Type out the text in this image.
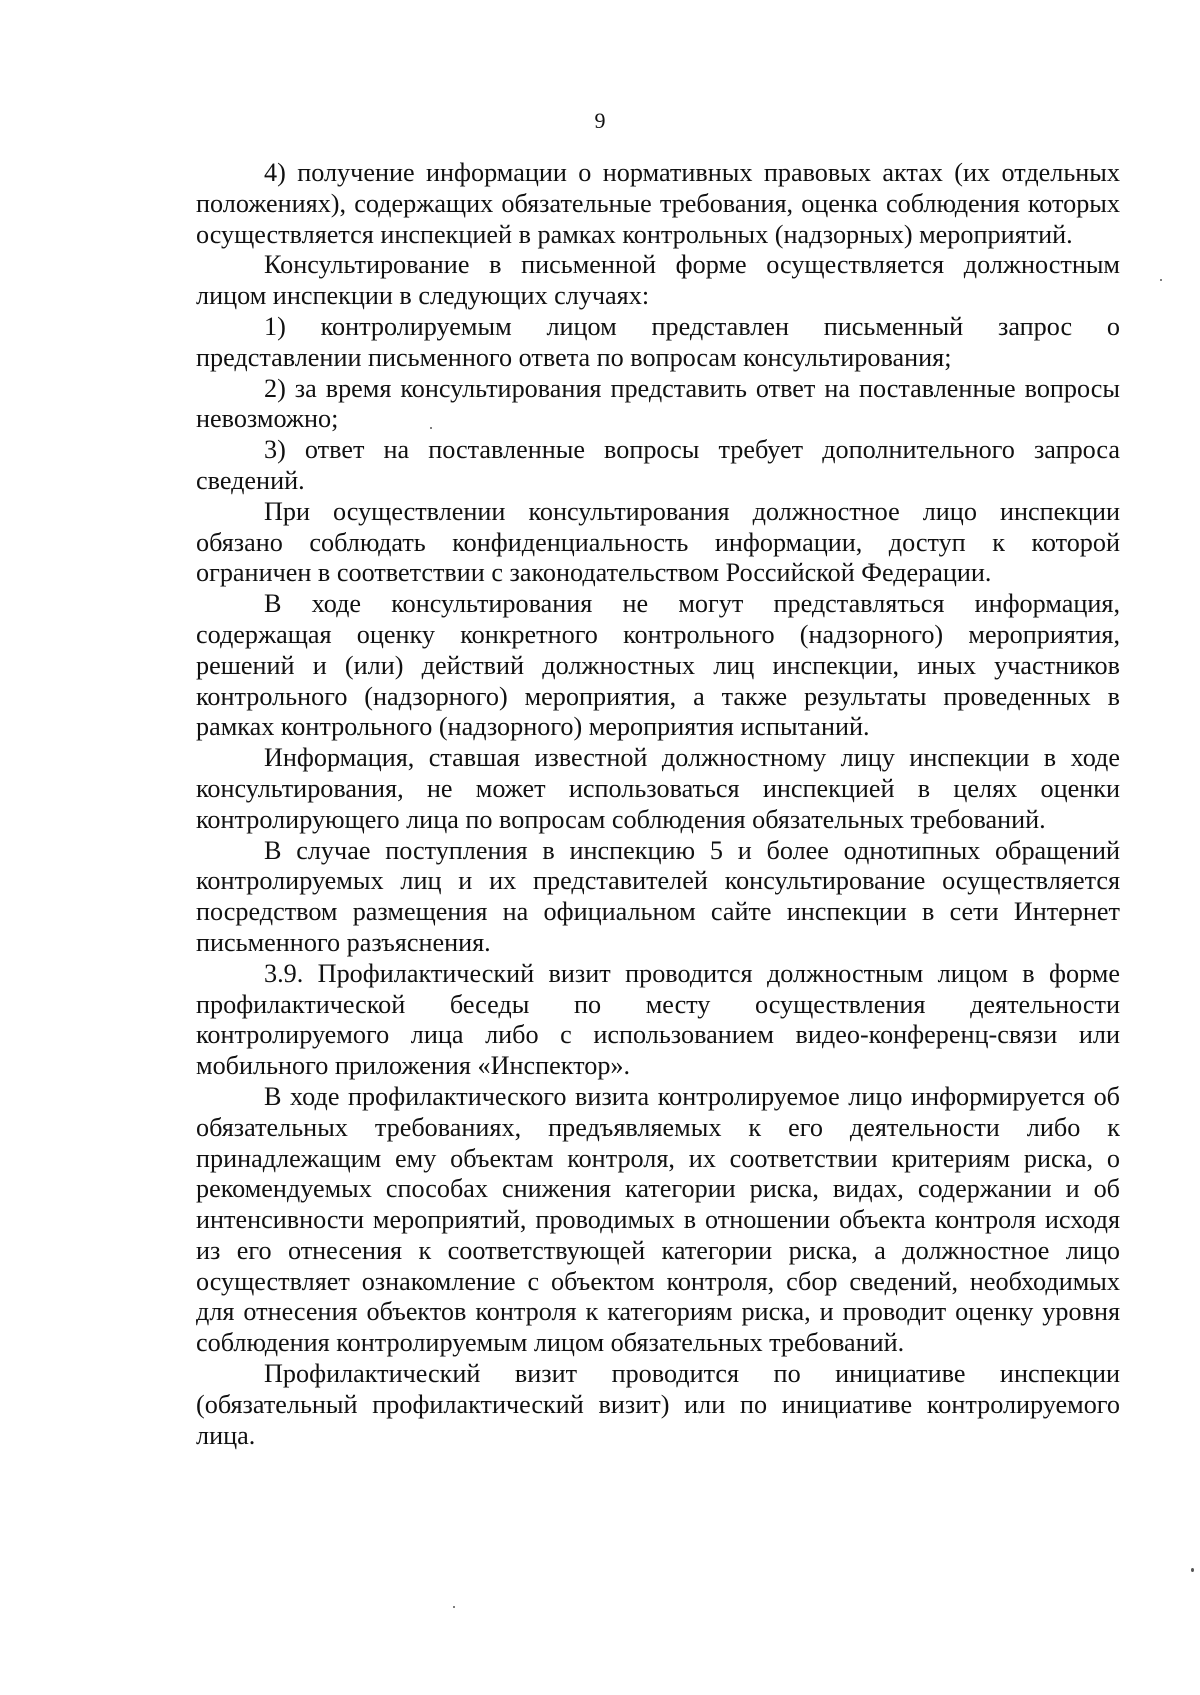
9

4) получение информации о нормативных правовых актах (их отдельных положениях), содержащих обязательные требования, оценка соблюдения которых осуществляется инспекцией в рамках контрольных (надзорных) мероприятий.

Консультирование в письменной форме осуществляется должностным лицом инспекции в следующих случаях:

1) контролируемым лицом представлен письменный запрос о представлении письменного ответа по вопросам консультирования;

2) за время консультирования представить ответ на поставленные вопросы невозможно;

3) ответ на поставленные вопросы требует дополнительного запроса сведений.

При осуществлении консультирования должностное лицо инспекции обязано соблюдать конфиденциальность информации, доступ к которой ограничен в соответствии с законодательством Российской Федерации.

В ходе консультирования не могут представляться информация, содержащая оценку конкретного контрольного (надзорного) мероприятия, решений и (или) действий должностных лиц инспекции, иных участников контрольного (надзорного) мероприятия, а также результаты проведенных в рамках контрольного (надзорного) мероприятия испытаний.

Информация, ставшая известной должностному лицу инспекции в ходе консультирования, не может использоваться инспекцией в целях оценки контролирующего лица по вопросам соблюдения обязательных требований.

В случае поступления в инспекцию 5 и более однотипных обращений контролируемых лиц и их представителей консультирование осуществляется посредством размещения на официальном сайте инспекции в сети Интернет письменного разъяснения.

3.9. Профилактический визит проводится должностным лицом в форме профилактической беседы по месту осуществления деятельности контролируемого лица либо с использованием видео-конференц-связи или мобильного приложения «Инспектор».

В ходе профилактического визита контролируемое лицо информируется об обязательных требованиях, предъявляемых к его деятельности либо к принадлежащим ему объектам контроля, их соответствии критериям риска, о рекомендуемых способах снижения категории риска, видах, содержании и об интенсивности мероприятий, проводимых в отношении объекта контроля исходя из его отнесения к соответствующей категории риска, а должностное лицо осуществляет ознакомление с объектом контроля, сбор сведений, необходимых для отнесения объектов контроля к категориям риска, и проводит оценку уровня соблюдения контролируемым лицом обязательных требований.

Профилактический визит проводится по инициативе инспекции (обязательный профилактический визит) или по инициативе контролируемого лица.
